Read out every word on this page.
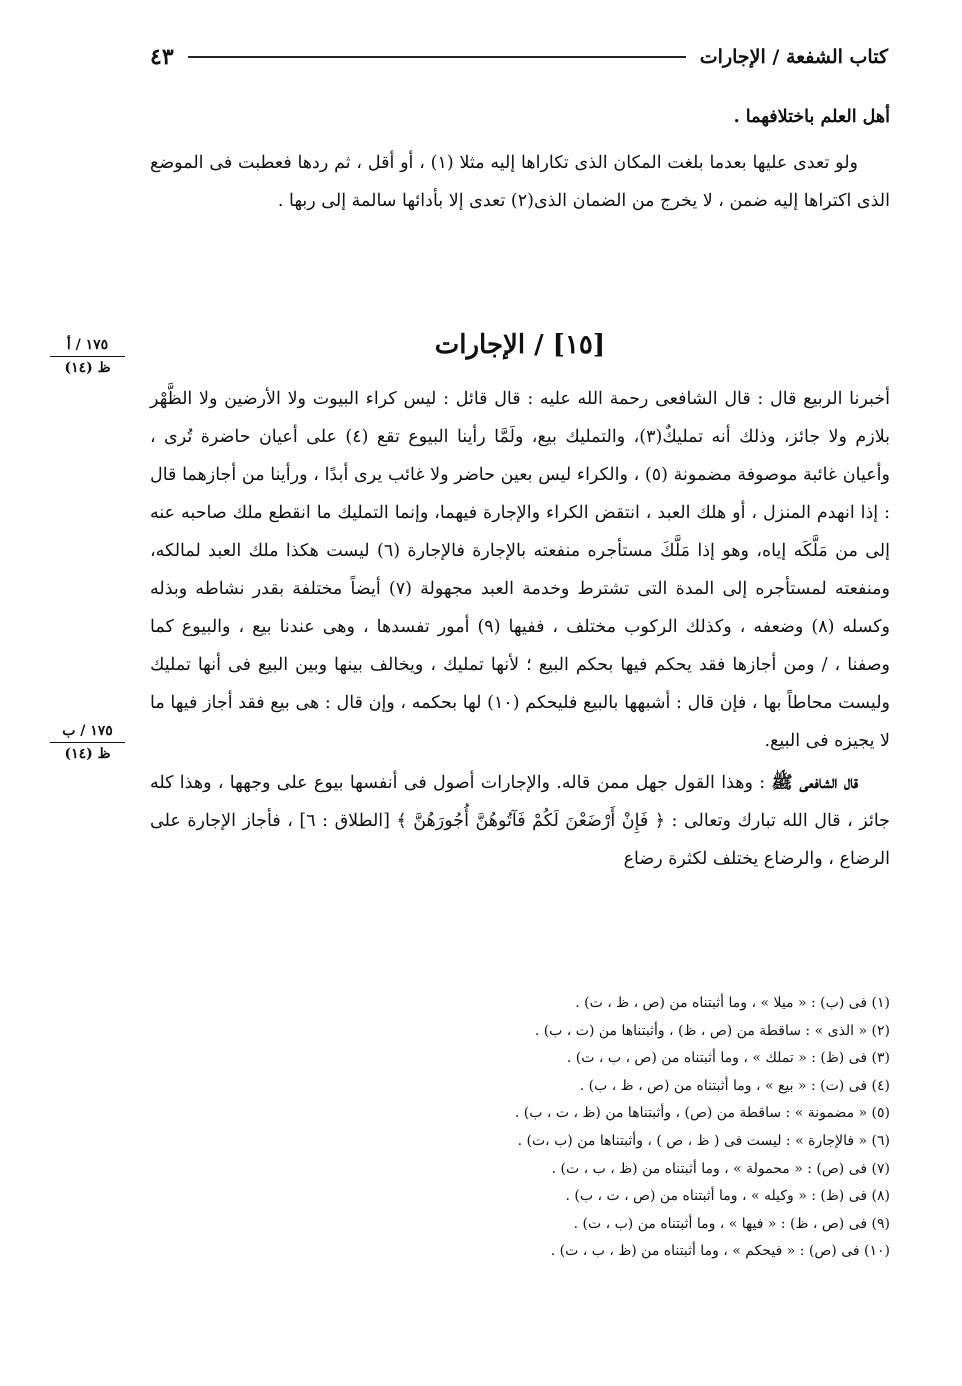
كتاب الشفعة / الإجارات
٤٣

أهل العلم باختلافهما .

ولو تعدى عليها بعدما بلغت المكان الذى تكاراها إليه مثلا (١) ، أو أقل ، ثم ردها فعطبت فى الموضع الذى اكتراها إليه ضمن ، لا يخرج من الضمان الذى(٢) تعدى إلا بأدائها سالمة إلى ربها .

[١٥] / الإجارات
١٧٥ / أ
ظ (١٤)
١٧٥ / ب
ظ (١٤)

أخبرنا الربيع قال : قال الشافعى رحمة الله عليه : قال قائل : ليس كراء البيوت ولا الأرضين ولا الظَّهْر بلازم ولا جائز، وذلك أنه تمليكٌ(٣)، والتمليك بيع، ولَمَّا رأينا البيوع تقع (٤) على أعيان حاضرة تُرى ، وأعيان غائبة موصوفة مضمونة (٥) ، والكراء ليس بعين حاضر ولا غائب يرى أبدًا ، ورأينا من أجازهما قال : إذا انهدم المنزل ، أو هلك العبد ، انتقض الكراء والإجارة فيهما، وإنما التمليك ما انقطع ملك صاحبه عنه إلى من مَلَّكَه إياه، وهو إذا مَلَّكَ مستأجره منفعته بالإجارة فالإجارة (٦) ليست هكذا ملك العبد لمالكه، ومنفعته لمستأجره إلى المدة التى تشترط وخدمة العبد مجهولة (٧) أيضاً مختلفة بقدر نشاطه وبذله وكسله (٨) وضعفه ، وكذلك الركوب مختلف ، ففيها (٩) أمور تفسدها ، وهى عندنا بيع ، والبيوع كما وصفنا ، / ومن أجازها فقد يحكم فيها بحكم البيع ؛ لأنها تمليك ، ويخالف بينها وبين البيع فى أنها تمليك وليست محاطاً بها ، فإن قال : أشبهها بالبيع فليحكم (١٠) لها بحكمه ، وإن قال : هى بيع فقد أجاز فيها ما لا يجيزه فى البيع.

قال الشافعى ﷺ : وهذا القول جهل ممن قاله. والإجارات أصول فى أنفسها بيوع على وجهها ، وهذا كله جائز ، قال الله تبارك وتعالى : ﴿ فَإِنْ أَرْضَعْنَ لَكُمْ فَآتُوهُنَّ أُجُورَهُنَّ ﴾ [الطلاق : ٦] ، فأجاز الإجارة على الرضاع ، والرضاع يختلف لكثرة رضاع

(١) فى (ب) : « ميلا » ، وما أثبتناه من (ص ، ظ ، ت) .
(٢) « الذى » : ساقطة من (ص ، ظ) ، وأثبتناها من (ت ، ب) .
(٣) فى (ظ) : « تملك » ، وما أثبتناه من (ص ، ب ، ت) .
(٤) فى (ت) : « بيع » ، وما أثبتناه من (ص ، ظ ، ب) .
(٥) « مضمونة » : ساقطة من (ص) ، وأثبتناها من (ظ ، ت ، ب) .
(٦) « فالإجارة » : ليست فى ( ظ ، ص ) ، وأثبتناها من (ب ،ت) .
(٧) فى (ص) : « محمولة » ، وما أثبتناه من (ظ ، ب ، ت) .
(٨) فى (ظ) : « وكيله » ، وما أثبتناه من (ص ، ت ، ب) .
(٩) فى (ص ، ظ) : « فيها » ، وما أثبتناه من (ب ، ت) .
(١٠) فى (ص) : « فيحكم » ، وما أثبتناه من (ظ ، ب ، ت) .
